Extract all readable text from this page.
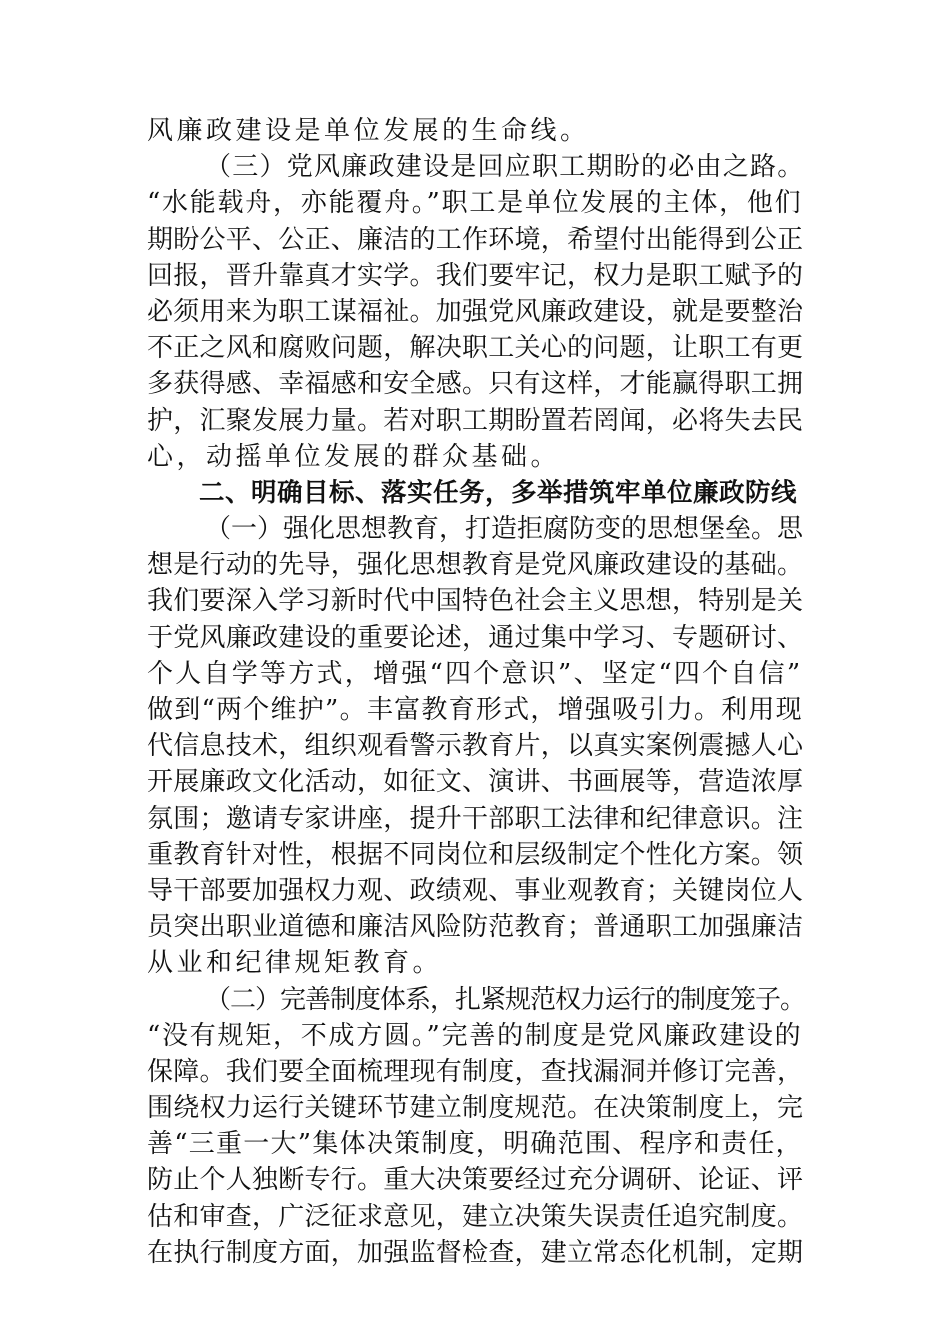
风廉政建设是单位发展的生命线。
（三）党风廉政建设是回应职工期盼的必由之路。
“水能载舟，亦能覆舟。”职工是单位发展的主体，他们
期盼公平、公正、廉洁的工作环境，希望付出能得到公正
回报，晋升靠真才实学。我们要牢记，权力是职工赋予的
必须用来为职工谋福祉。加强党风廉政建设，就是要整治
不正之风和腐败问题，解决职工关心的问题，让职工有更
多获得感、幸福感和安全感。只有这样，才能赢得职工拥
护，汇聚发展力量。若对职工期盼置若罔闻，必将失去民
心，动摇单位发展的群众基础。
二、明确目标、落实任务，多举措筑牢单位廉政防线
（一）强化思想教育，打造拒腐防变的思想堡垒。思
想是行动的先导，强化思想教育是党风廉政建设的基础。
我们要深入学习新时代中国特色社会主义思想，特别是关
于党风廉政建设的重要论述，通过集中学习、专题研讨、
个人自学等方式，增强“四个意识”、坚定“四个自信”
做到“两个维护”。丰富教育形式，增强吸引力。利用现
代信息技术，组织观看警示教育片，以真实案例震撼人心
开展廉政文化活动，如征文、演讲、书画展等，营造浓厚
氛围；邀请专家讲座，提升干部职工法律和纪律意识。注
重教育针对性，根据不同岗位和层级制定个性化方案。领
导干部要加强权力观、政绩观、事业观教育；关键岗位人
员突出职业道德和廉洁风险防范教育；普通职工加强廉洁
从业和纪律规矩教育。
（二）完善制度体系，扎紧规范权力运行的制度笼子。
“没有规矩，不成方圆。”完善的制度是党风廉政建设的
保障。我们要全面梳理现有制度，查找漏洞并修订完善，
围绕权力运行关键环节建立制度规范。在决策制度上，完
善“三重一大”集体决策制度，明确范围、程序和责任，
防止个人独断专行。重大决策要经过充分调研、论证、评
估和审查，广泛征求意见，建立决策失误责任追究制度。
在执行制度方面，加强监督检查，建立常态化机制，定期
